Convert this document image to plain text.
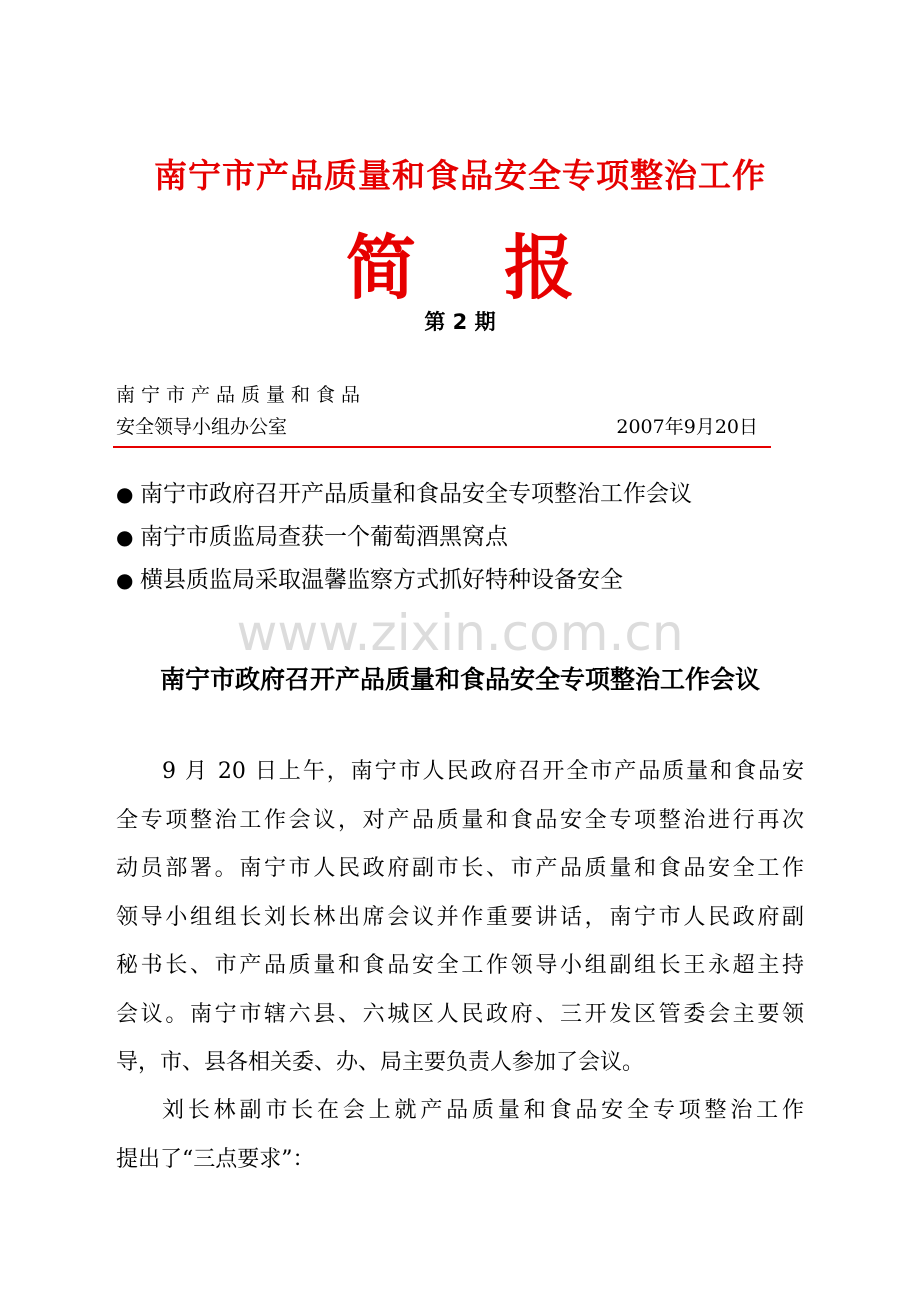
南宁市产品质量和食品安全专项整治工作
简 报
第 2 期
南宁市产品质量和食品
安全领导小组办公室	2007年9月20日
● 南宁市政府召开产品质量和食品安全专项整治工作会议
● 南宁市质监局查获一个葡萄酒黑窝点
● 横县质监局采取温馨监察方式抓好特种设备安全
www.zixin.com.cn
南宁市政府召开产品质量和食品安全专项整治工作会议
9 月 20 日上午，南宁市人民政府召开全市产品质量和食品安
全专项整治工作会议，对产品质量和食品安全专项整治进行再次
动员部署。南宁市人民政府副市长、市产品质量和食品安全工作
领导小组组长刘长林出席会议并作重要讲话，南宁市人民政府副
秘书长、市产品质量和食品安全工作领导小组副组长王永超主持
会议。南宁市辖六县、六城区人民政府、三开发区管委会主要领
导，市、县各相关委、办、局主要负责人参加了会议。
刘长林副市长在会上就产品质量和食品安全专项整治工作
提出了“三点要求”：
